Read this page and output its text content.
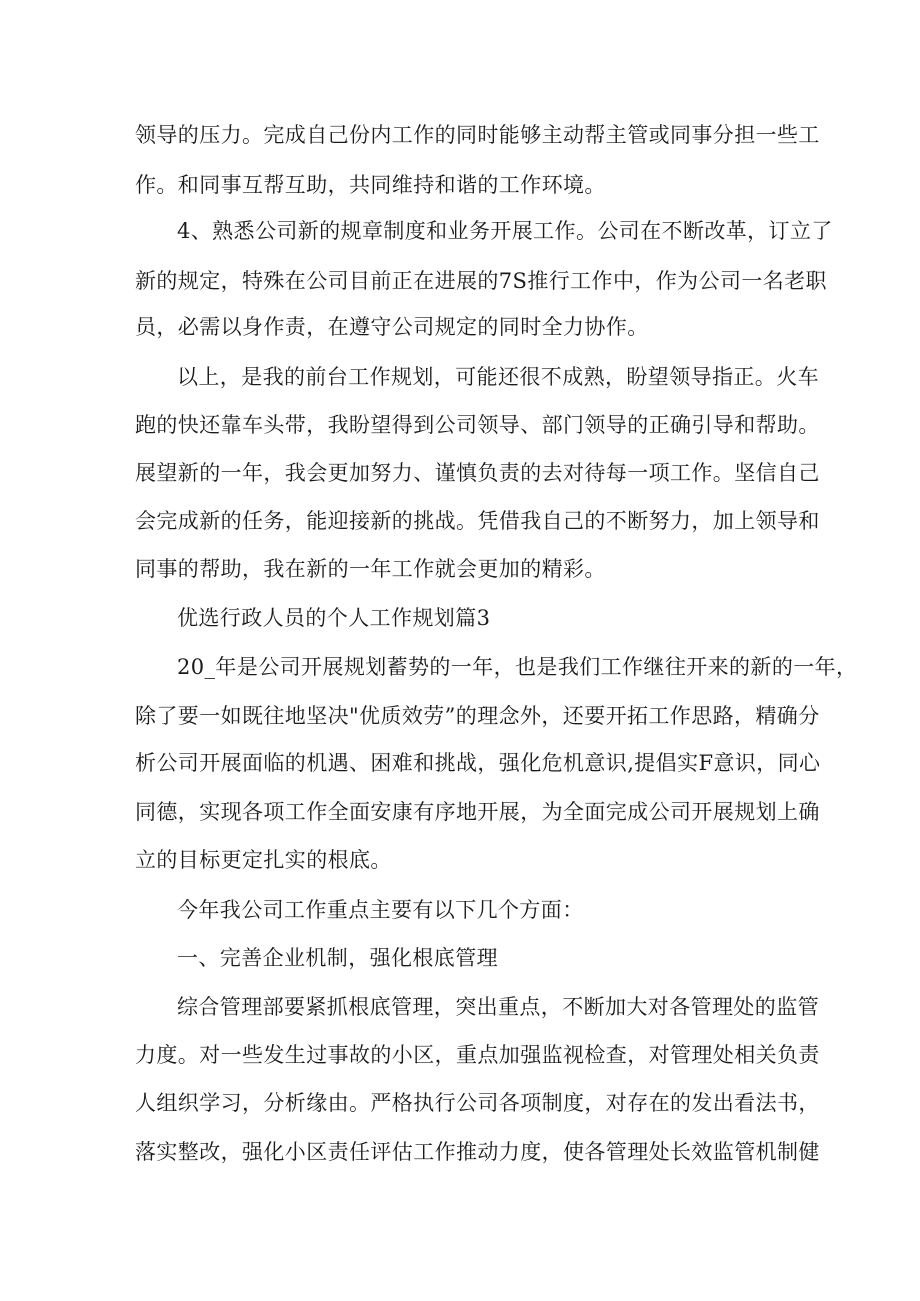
领导的压力。完成自己份内工作的同时能够主动帮主管或同事分担一些工
作。和同事互帮互助，共同维持和谐的工作环境。
4、熟悉公司新的规章制度和业务开展工作。公司在不断改革，订立了
新的规定，特殊在公司目前正在进展的7S推行工作中，作为公司一名老职
员，必需以身作责，在遵守公司规定的同时全力协作。
以上，是我的前台工作规划，可能还很不成熟，盼望领导指正。火车
跑的快还靠车头带，我盼望得到公司领导、部门领导的正确引导和帮助。
展望新的一年，我会更加努力、谨慎负责的去对待每一项工作。坚信自己
会完成新的任务，能迎接新的挑战。凭借我自己的不断努力，加上领导和
同事的帮助，我在新的一年工作就会更加的精彩。
优选行政人员的个人工作规划篇3
20_年是公司开展规划蓄势的一年，也是我们工作继往开来的新的一年，
除了要一如既往地坚决"优质效劳”的理念外，还要开拓工作思路，精确分
析公司开展面临的机遇、困难和挑战，强化危机意识,提倡实F意识，同心
同德，实现各项工作全面安康有序地开展，为全面完成公司开展规划上确
立的目标更定扎实的根底。
今年我公司工作重点主要有以下几个方面：
一、完善企业机制，强化根底管理
综合管理部要紧抓根底管理，突出重点，不断加大对各管理处的监管
力度。对一些发生过事故的小区，重点加强监视检查，对管理处相关负责
人组织学习，分析缘由。严格执行公司各项制度，对存在的发出看法书，
落实整改，强化小区责任评估工作推动力度，使各管理处长效监管机制健
